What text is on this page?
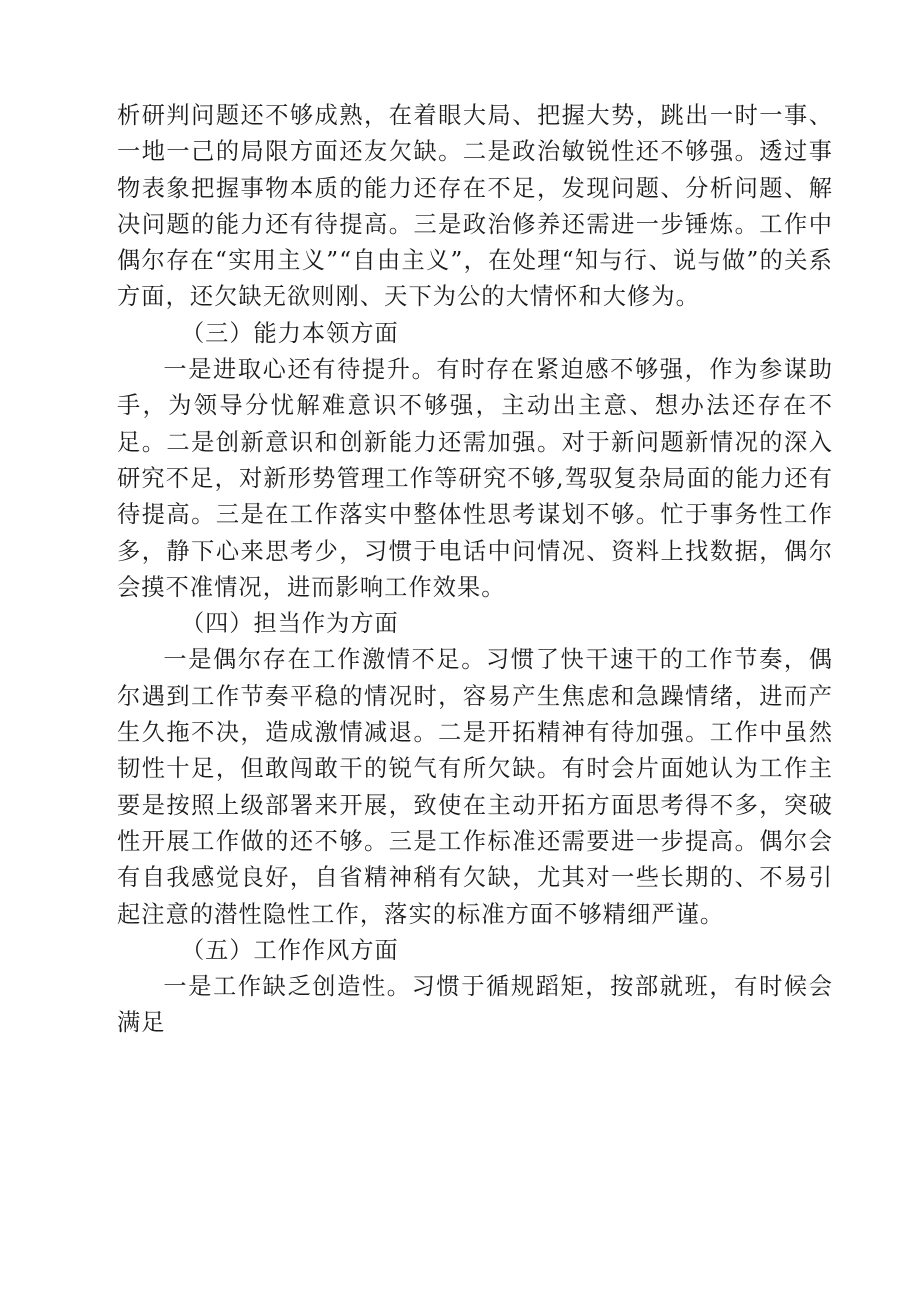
析研判问题还不够成熟，在着眼大局、把握大势，跳出一时一事、一地一己的局限方面还友欠缺。二是政治敏锐性还不够强。透过事物表象把握事物本质的能力还存在不足，发现问题、分析问题、解决问题的能力还有待提高。三是政治修养还需进一步锤炼。工作中偶尔存在“实用主义”“自由主义”，在处理“知与行、说与做”的关系方面，还欠缺无欲则刚、天下为公的大情怀和大修为。

（三）能力本领方面

一是进取心还有待提升。有时存在紧迫感不够强，作为参谋助手，为领导分忧解难意识不够强，主动出主意、想办法还存在不足。二是创新意识和创新能力还需加强。对于新问题新情况的深入研究不足，对新形势管理工作等研究不够,驾驭复杂局面的能力还有待提高。三是在工作落实中整体性思考谋划不够。忙于事务性工作多，静下心来思考少，习惯于电话中问情况、资料上找数据，偶尔会摸不准情况，进而影响工作效果。

（四）担当作为方面

一是偶尔存在工作激情不足。习惯了快干速干的工作节奏，偶尔遇到工作节奏平稳的情况时，容易产生焦虑和急躁情绪，进而产生久拖不决，造成激情减退。二是开拓精神有待加强。工作中虽然韧性十足，但敢闯敢干的锐气有所欠缺。有时会片面她认为工作主要是按照上级部署来开展，致使在主动开拓方面思考得不多，突破性开展工作做的还不够。三是工作标准还需要进一步提高。偶尔会有自我感觉良好，自省精神稍有欠缺，尤其对一些长期的、不易引起注意的潜性隐性工作，落实的标准方面不够精细严谨。

（五）工作作风方面

一是工作缺乏创造性。习惯于循规蹈矩，按部就班，有时候会满足
